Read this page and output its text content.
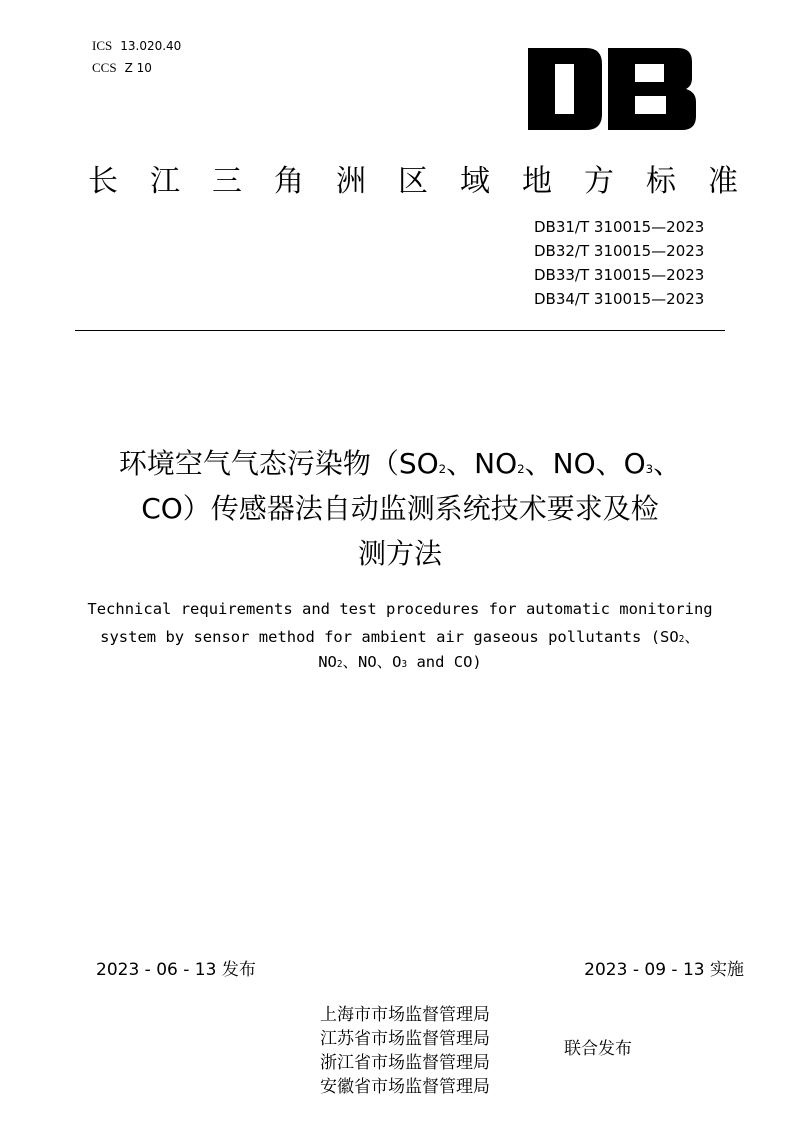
ICS 13.020.40
CCS Z 10
长 江 三 角 洲 区 域 地 方 标 准
DB31/T 310015—2023
DB32/T 310015—2023
DB33/T 310015—2023
DB34/T 310015—2023
环境空气气态污染物（SO2、NO2、NO、O3、
CO）传感器法自动监测系统技术要求及检
测方法
Technical requirements and test procedures for automatic monitoring
system by sensor method for ambient air gaseous pollutants (SO2、
NO2、NO、O3 and CO)
2023 - 06 - 13 发布	2023 - 09 - 13 实施
上海市市场监督管理局
江苏省市场监督管理局
浙江省市场监督管理局
安徽省市场监督管理局
联合发布
